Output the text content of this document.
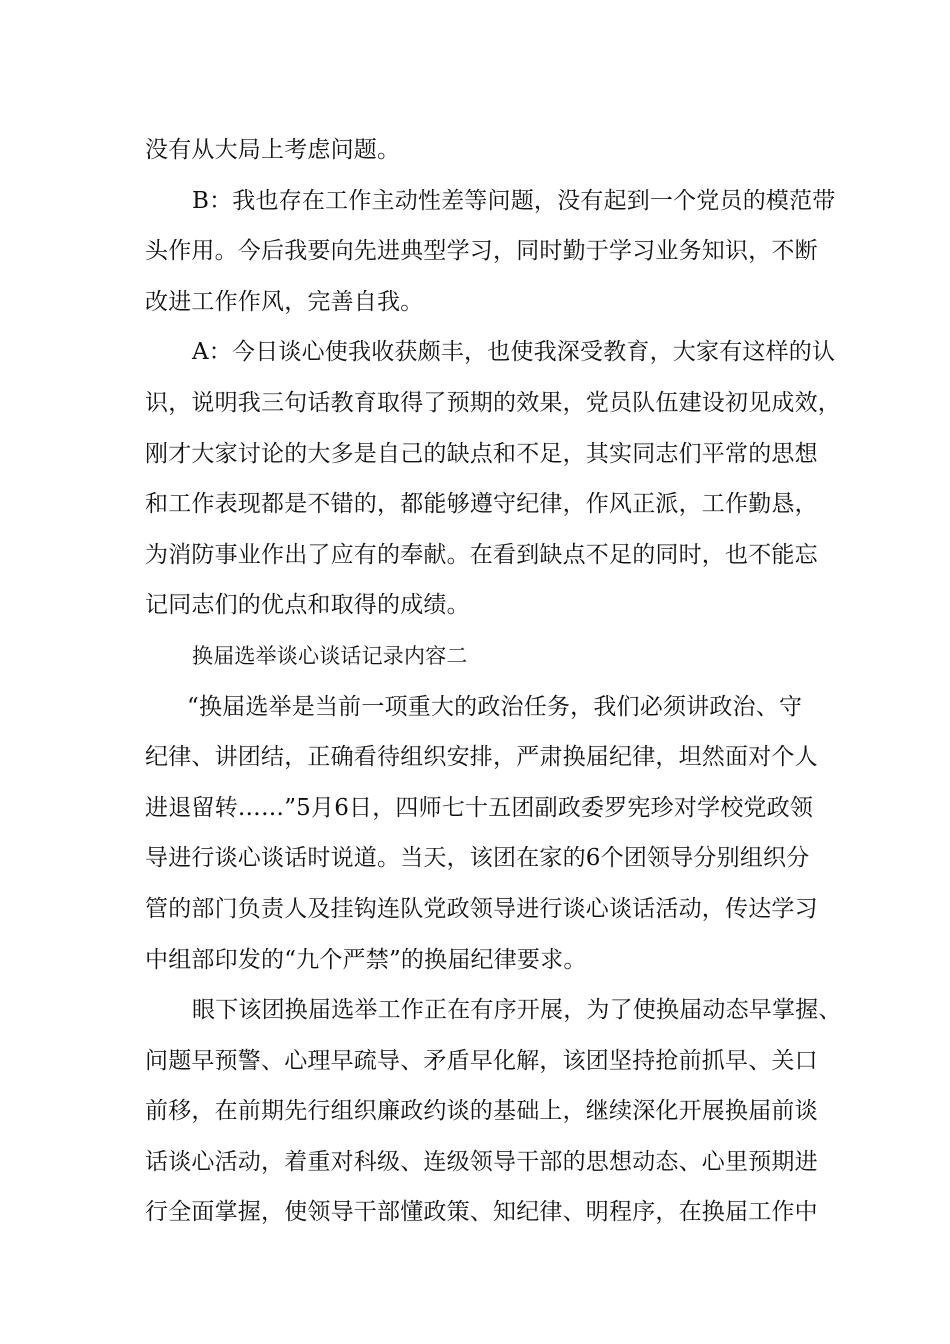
没有从大局上考虑问题。
B：我也存在工作主动性差等问题，没有起到一个党员的模范带
头作用。今后我要向先进典型学习，同时勤于学习业务知识，不断
改进工作作风，完善自我。
A：今日谈心使我收获颇丰，也使我深受教育，大家有这样的认
识，说明我三句话教育取得了预期的效果，党员队伍建设初见成效，
刚才大家讨论的大多是自己的缺点和不足，其实同志们平常的思想
和工作表现都是不错的，都能够遵守纪律，作风正派，工作勤恳，
为消防事业作出了应有的奉献。在看到缺点不足的同时，也不能忘
记同志们的优点和取得的成绩。
换届选举谈心谈话记录内容二
“换届选举是当前一项重大的政治任务，我们必须讲政治、守
纪律、讲团结，正确看待组织安排，严肃换届纪律，坦然面对个人
进退留转……”5月6日，四师七十五团副政委罗宪珍对学校党政领
导进行谈心谈话时说道。当天，该团在家的6个团领导分别组织分
管的部门负责人及挂钩连队党政领导进行谈心谈话活动，传达学习
中组部印发的“九个严禁”的换届纪律要求。
眼下该团换届选举工作正在有序开展，为了使换届动态早掌握、
问题早预警、心理早疏导、矛盾早化解，该团坚持抢前抓早、关口
前移，在前期先行组织廉政约谈的基础上，继续深化开展换届前谈
话谈心活动，着重对科级、连级领导干部的思想动态、心里预期进
行全面掌握，使领导干部懂政策、知纪律、明程序，在换届工作中
